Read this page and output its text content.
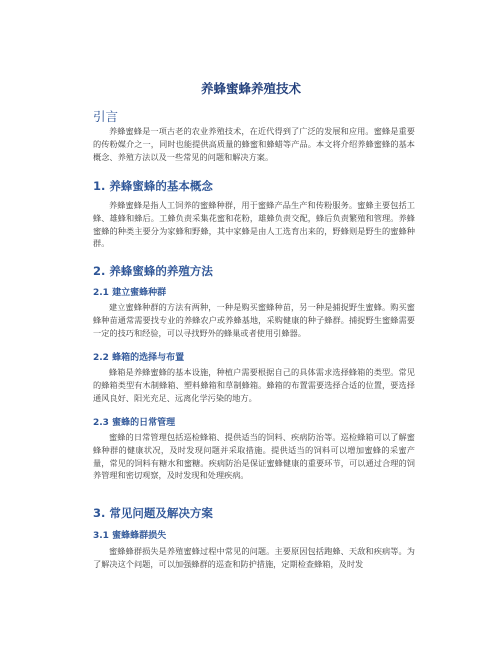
养蜂蜜蜂养殖技术
引言

养蜂蜜蜂是一项古老的农业养殖技术，在近代得到了广泛的发展和应用。蜜蜂是重要的传粉媒介之一，同时也能提供高质量的蜂蜜和蜂蜡等产品。本文将介绍养蜂蜜蜂的基本概念、养殖方法以及一些常见的问题和解决方案。

1. 养蜂蜜蜂的基本概念

养蜂蜜蜂是指人工饲养的蜜蜂种群，用于蜜蜂产品生产和传粉服务。蜜蜂主要包括工蜂、雄蜂和蜂后。工蜂负责采集花蜜和花粉，雄蜂负责交配，蜂后负责繁殖和管理。养蜂蜜蜂的种类主要分为家蜂和野蜂，其中家蜂是由人工选育出来的，野蜂则是野生的蜜蜂种群。

2. 养蜂蜜蜂的养殖方法
2.1 建立蜜蜂种群

建立蜜蜂种群的方法有两种，一种是购买蜜蜂种苗，另一种是捕捉野生蜜蜂。购买蜜蜂种苗通常需要找专业的养蜂农户或养蜂基地，采购健康的种子蜂群。捕捉野生蜜蜂需要一定的技巧和经验，可以寻找野外的蜂巢或者使用引蜂器。

2.2 蜂箱的选择与布置

蜂箱是养蜂蜜蜂的基本设施，种植户需要根据自己的具体需求选择蜂箱的类型。常见的蜂箱类型有木制蜂箱、塑料蜂箱和草制蜂箱。蜂箱的布置需要选择合适的位置，要选择通风良好、阳光充足、远离化学污染的地方。

2.3 蜜蜂的日常管理

蜜蜂的日常管理包括巡检蜂箱、提供适当的饲料、疾病防治等。巡检蜂箱可以了解蜜蜂种群的健康状况，及时发现问题并采取措施。提供适当的饲料可以增加蜜蜂的采蜜产量，常见的饲料有糖水和蜜糖。疾病防治是保证蜜蜂健康的重要环节，可以通过合理的饲养管理和密切观察，及时发现和处理疾病。

3. 常见问题及解决方案
3.1 蜜蜂蜂群损失

蜜蜂蜂群损失是养殖蜜蜂过程中常见的问题。主要原因包括跑蜂、天敌和疾病等。为了解决这个问题，可以加强蜂群的巡查和防护措施，定期检查蜂箱，及时发
